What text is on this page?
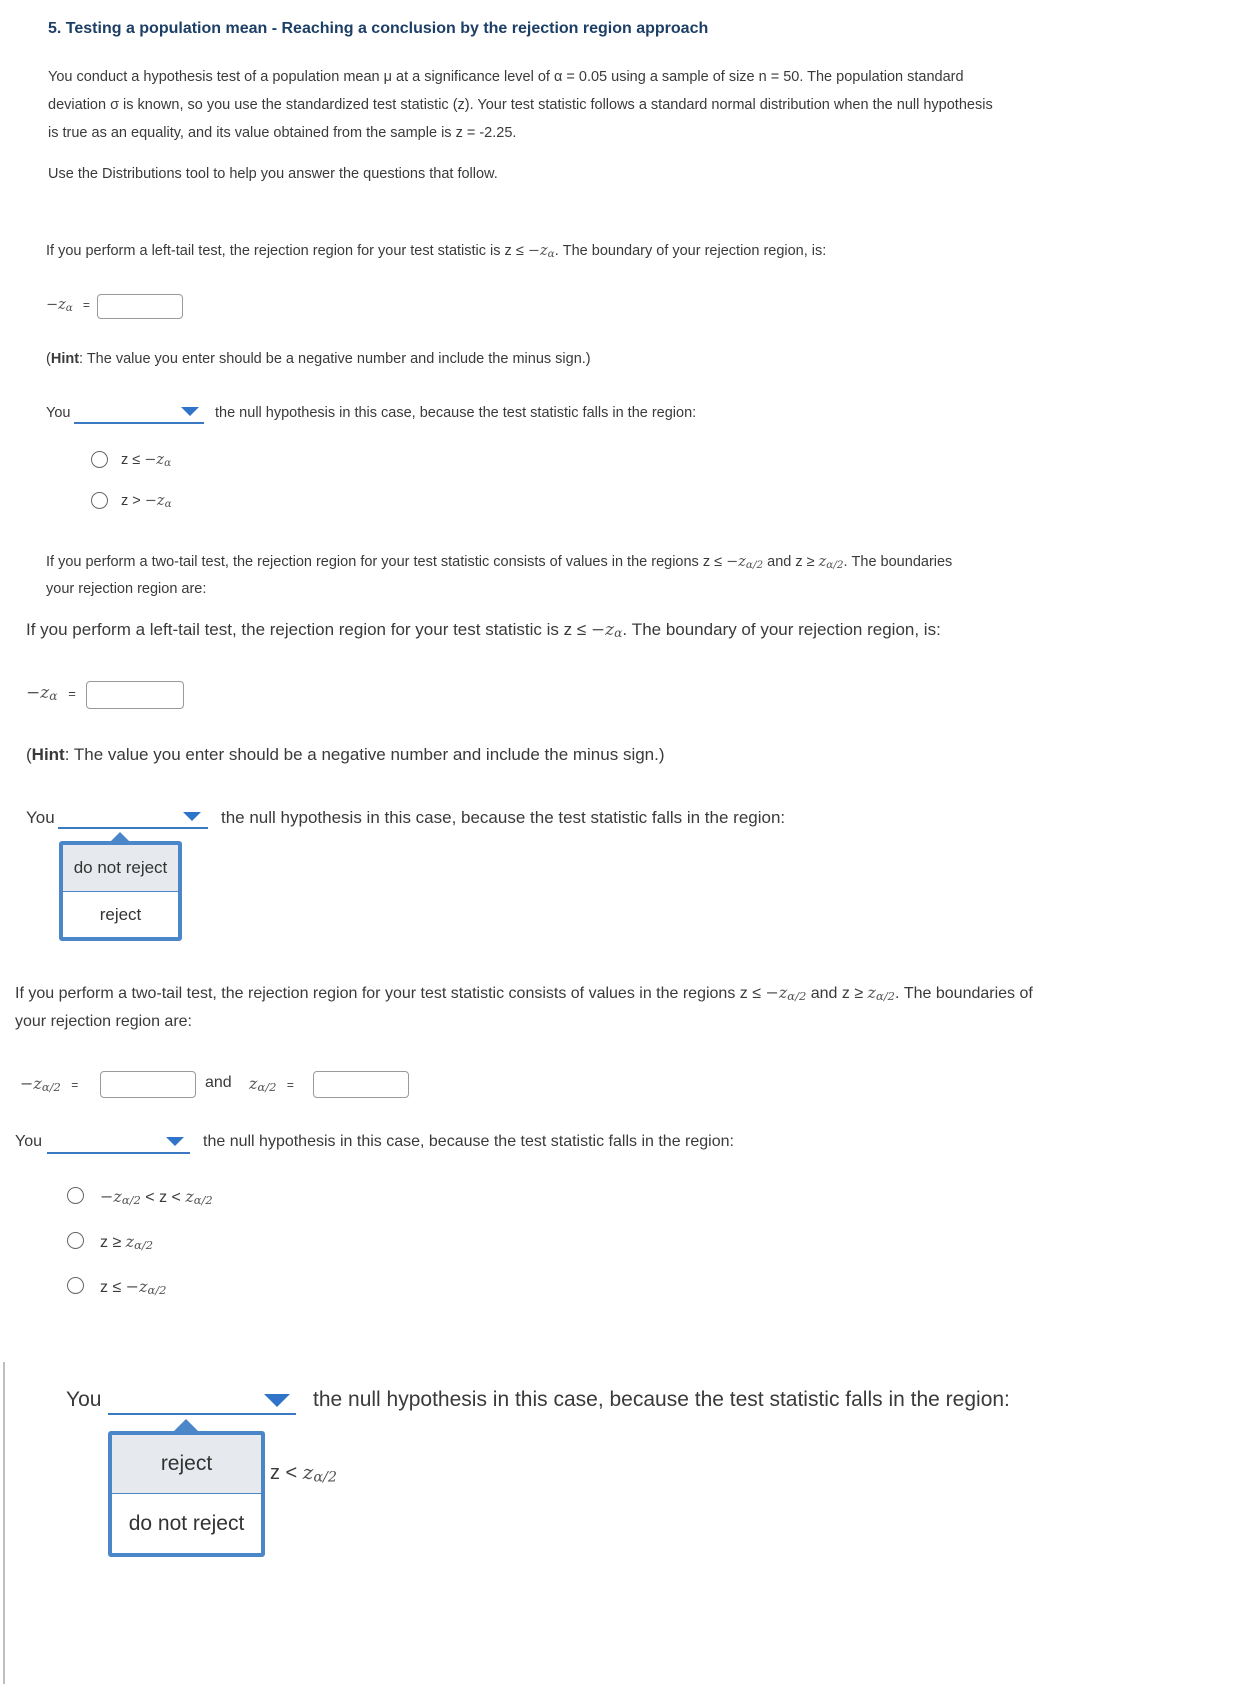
5. Testing a population mean - Reaching a conclusion by the rejection region approach
You conduct a hypothesis test of a population mean μ at a significance level of α = 0.05 using a sample of size n = 50. The population standard
deviation σ is known, so you use the standardized test statistic (z). Your test statistic follows a standard normal distribution when the null hypothesis
is true as an equality, and its value obtained from the sample is z = -2.25.
Use the Distributions tool to help you answer the questions that follow.
If you perform a left-tail test, the rejection region for your test statistic is z ≤ −zα. The boundary of your rejection region, is:
−zα =
(Hint: The value you enter should be a negative number and include the minus sign.)
You	the null hypothesis in this case, because the test statistic falls in the region:
z ≤ −zα
z > −zα
If you perform a two-tail test, the rejection region for your test statistic consists of values in the regions z ≤ −zα/2 and z ≥ zα/2. The boundaries
your rejection region are:
If you perform a left-tail test, the rejection region for your test statistic is z ≤ −zα. The boundary of your rejection region, is:
−zα =
(Hint: The value you enter should be a negative number and include the minus sign.)
You	the null hypothesis in this case, because the test statistic falls in the region:
do not reject
reject
If you perform a two-tail test, the rejection region for your test statistic consists of values in the regions z ≤ −zα/2 and z ≥ zα/2. The boundaries of
your rejection region are:
−zα/2 =	and zα/2 =
You	the null hypothesis in this case, because the test statistic falls in the region:
−zα/2 < z < zα/2
z ≥ zα/2
z ≤ −zα/2
You	the null hypothesis in this case, because the test statistic falls in the region:
reject
do not reject
z < zα/2
